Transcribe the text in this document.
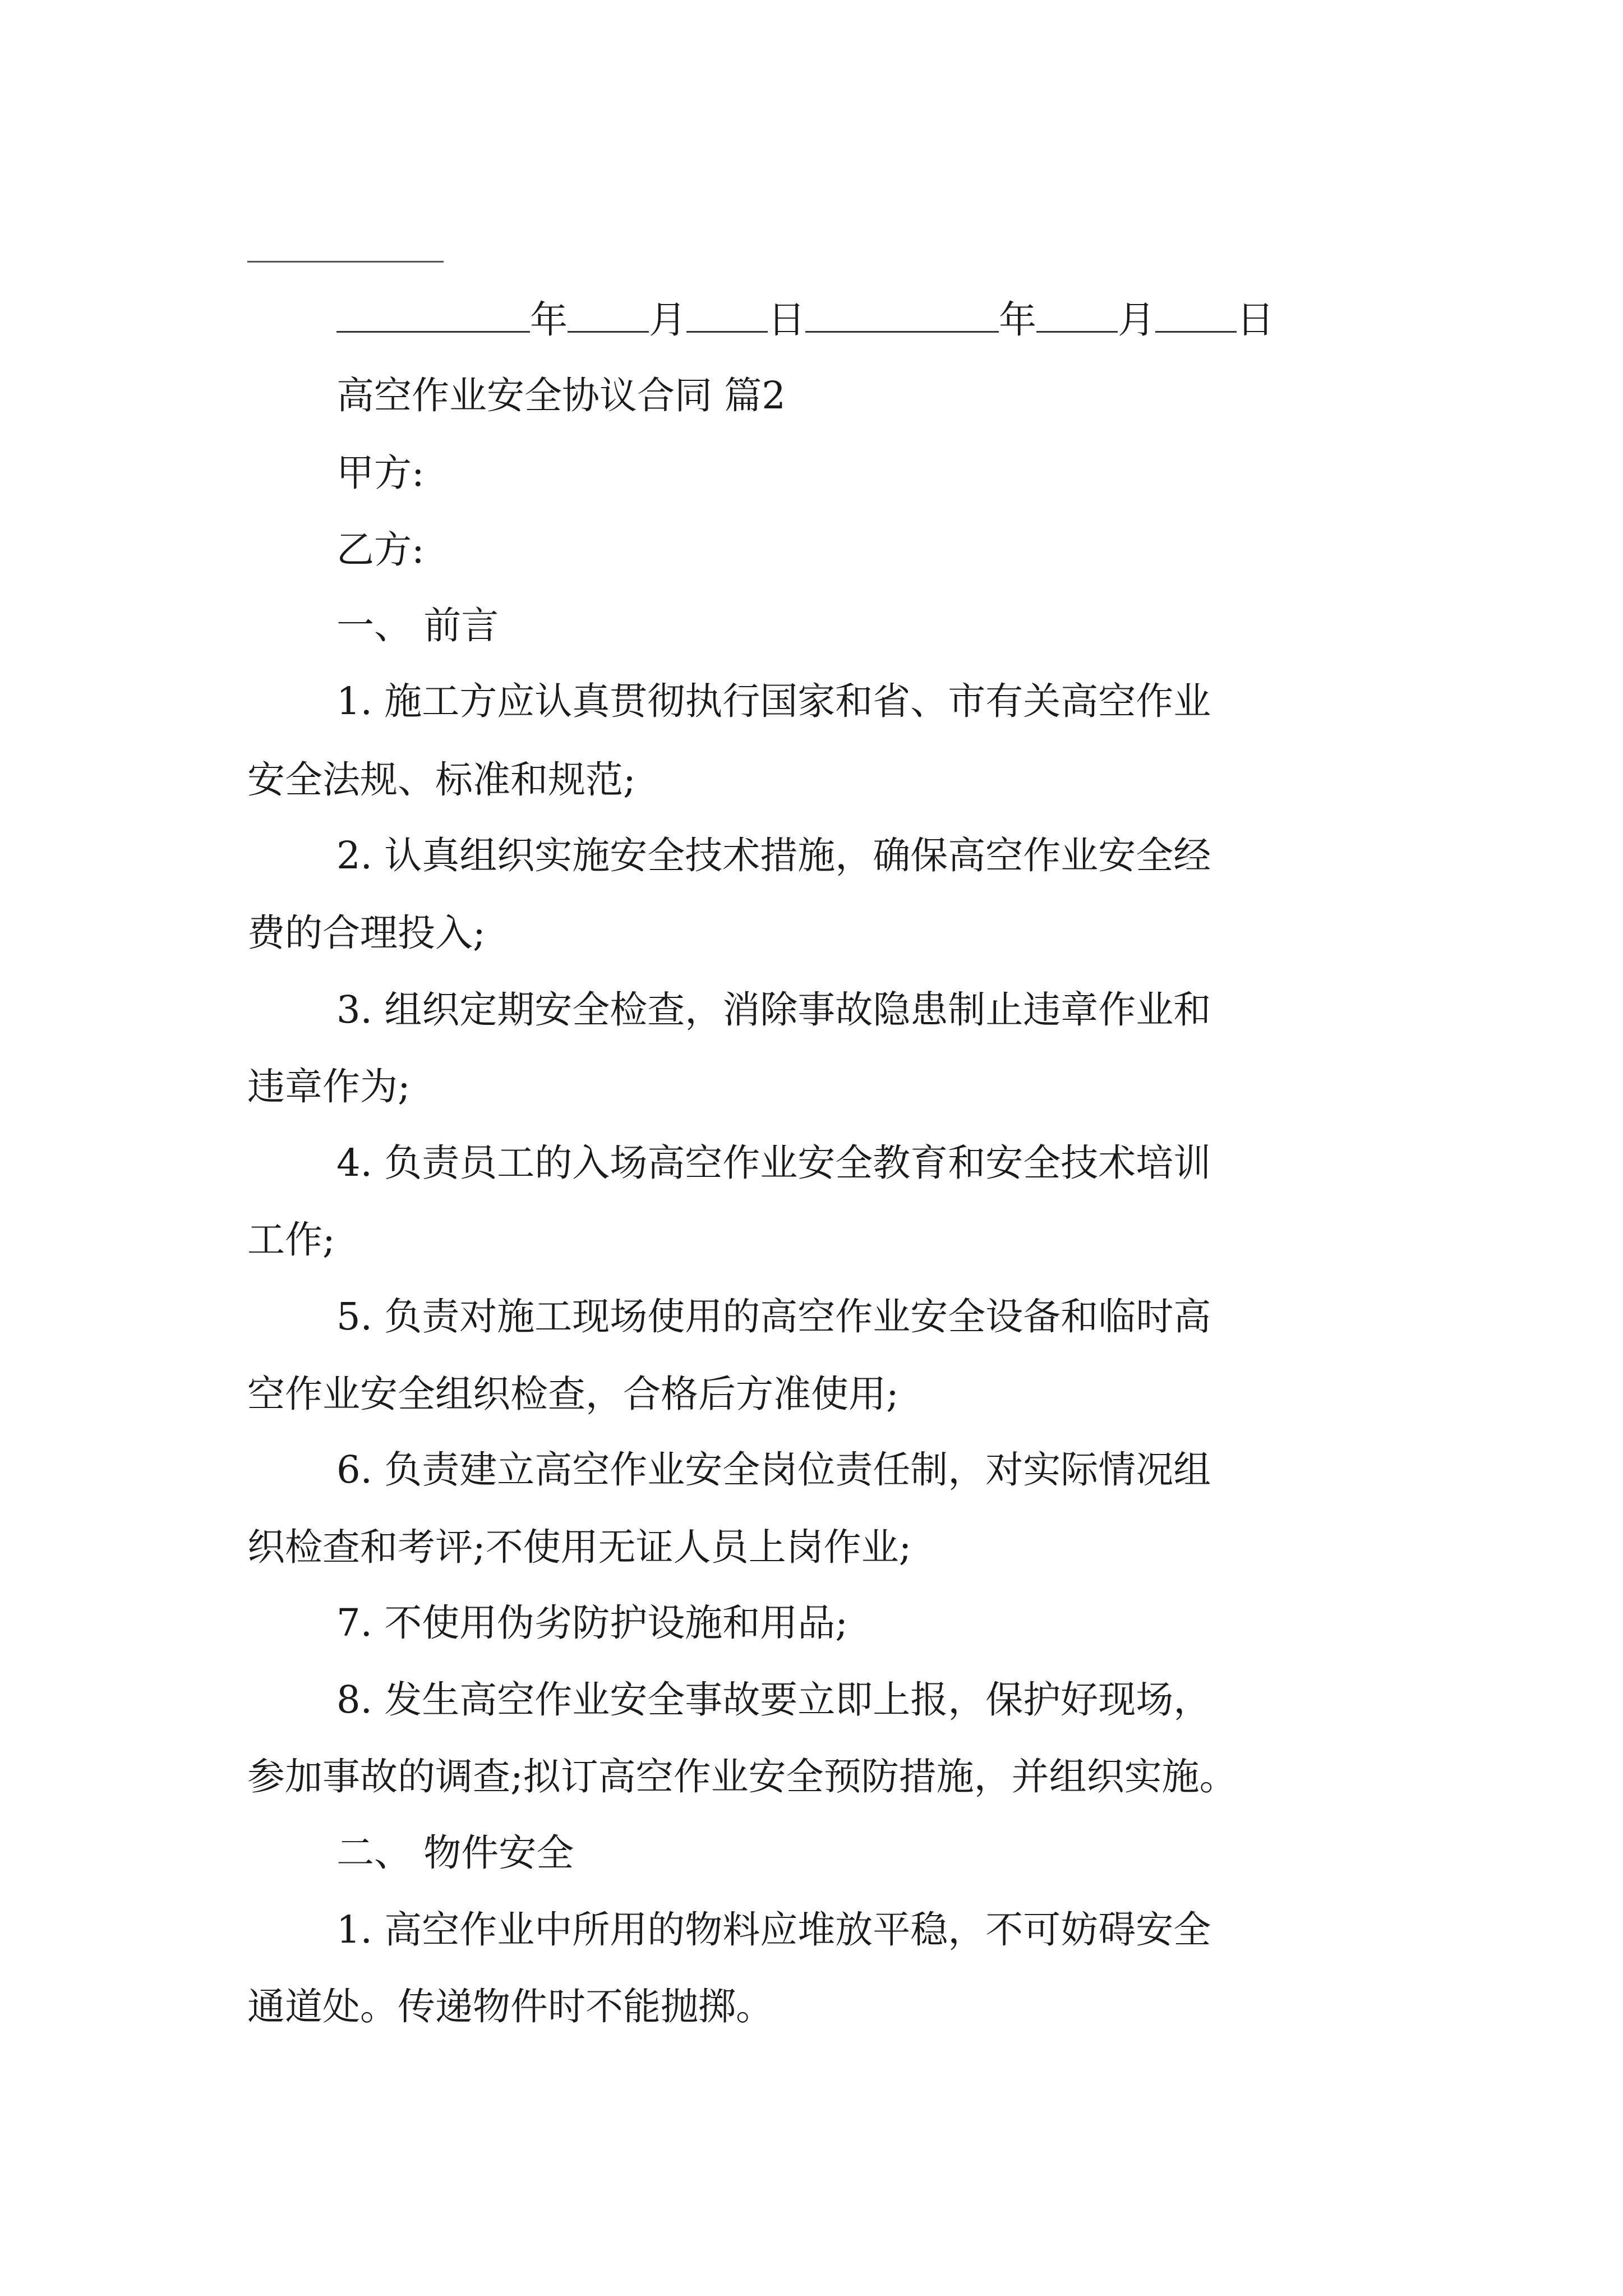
年 月 日	年 月 日
高空作业安全协议合同 篇2
甲方:
乙方:
一、 前言
1. 施工方应认真贯彻执行国家和省、市有关高空作业
安全法规、标准和规范;
2. 认真组织实施安全技术措施，确保高空作业安全经
费的合理投入;
3. 组织定期安全检查，消除事故隐患制止违章作业和
违章作为;
4. 负责员工的入场高空作业安全教育和安全技术培训
工作;
5. 负责对施工现场使用的高空作业安全设备和临时高
空作业安全组织检查，合格后方准使用;
6. 负责建立高空作业安全岗位责任制，对实际情况组
织检查和考评;不使用无证人员上岗作业;
7. 不使用伪劣防护设施和用品;
8. 发生高空作业安全事故要立即上报，保护好现场，
参加事故的调查;拟订高空作业安全预防措施，并组织实施。
二、 物件安全
1. 高空作业中所用的物料应堆放平稳，不可妨碍安全
通道处。传递物件时不能抛掷。
